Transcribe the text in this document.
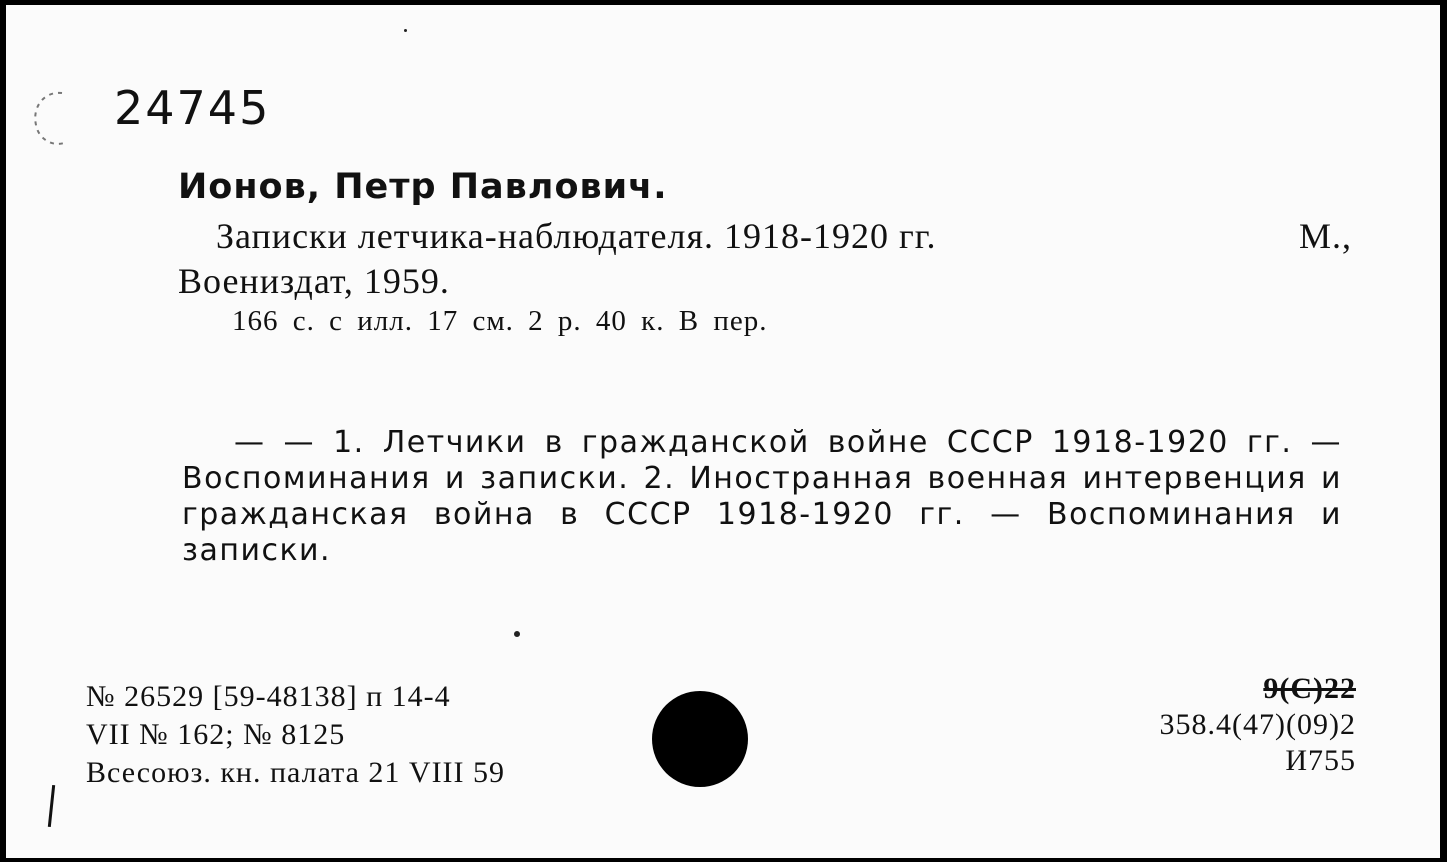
24745
Ионов, Петр Павлович.
Записки летчика-наблюдателя. 1918-1920 гг.	М.,
Воениздат, 1959.
166 с. с илл. 17 см. 2 р. 40 к. В пер.

— — 1. Летчики в гражданской войне СССР 1918-1920 гг. — Воспоминания и записки. 2. Иностранная военная интервенция и гражданская война в СССР 1918-1920 гг. — Воспоминания и записки.

№ 26529 [59-48138] п 14-4
VII № 162; № 8125
Всесоюз. кн. палата 21 VIII 59
9(С)22
358.4(47)(09)2
И755
